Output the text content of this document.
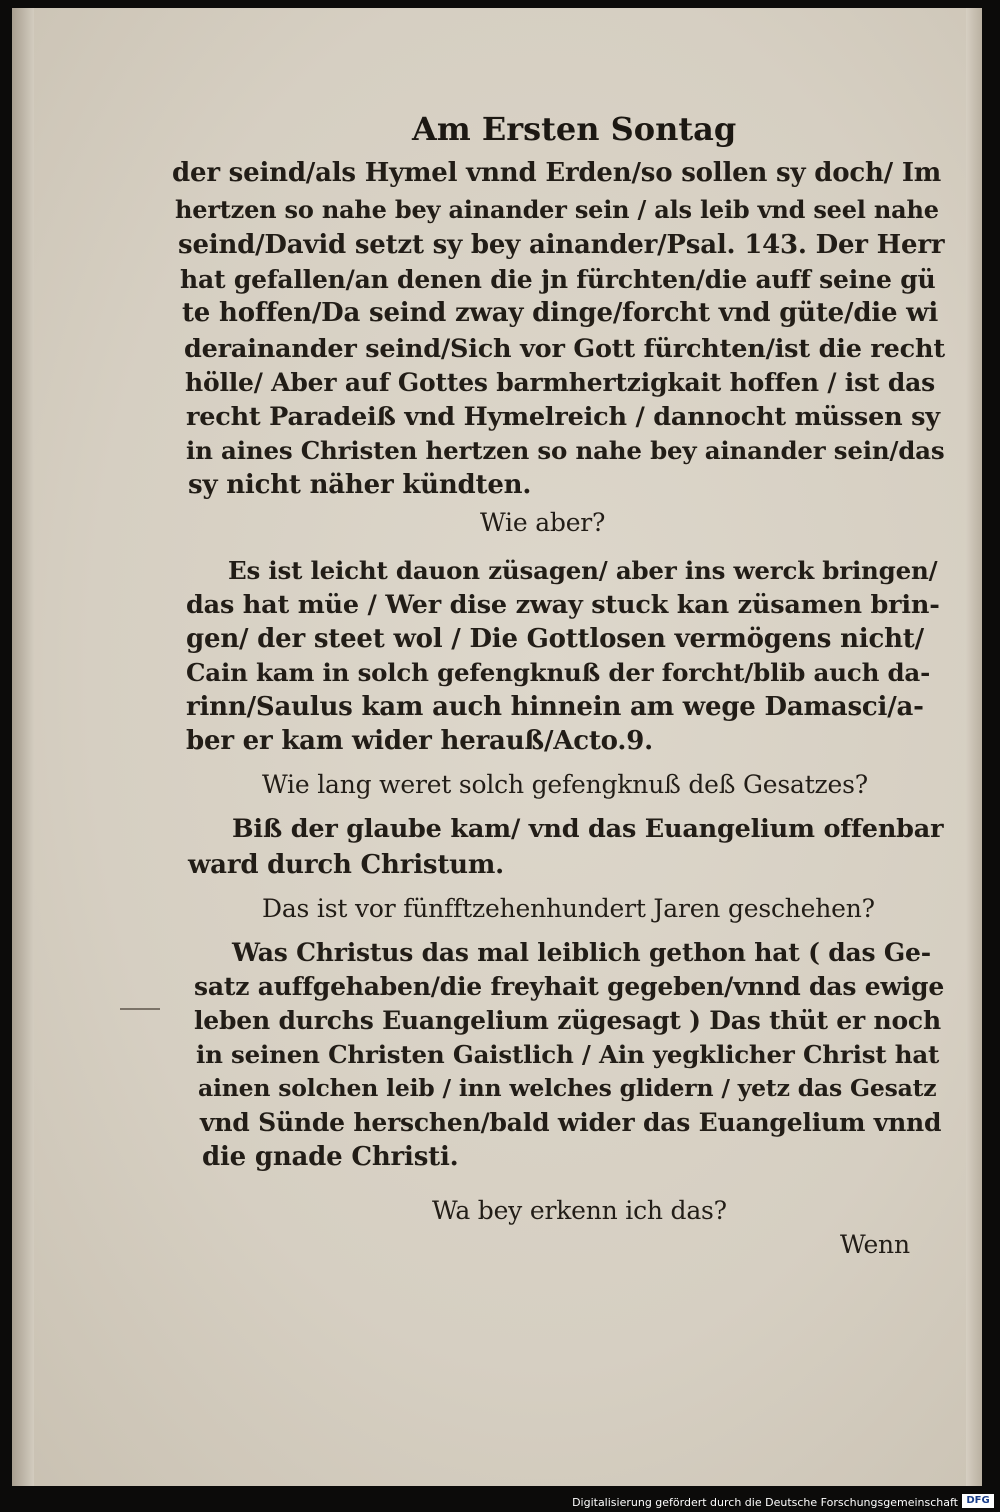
Am Ersten Sontag

der seind/als Hymel vnnd Erden/so sollen sy doch/ Im

hertzen so nahe bey ainander sein / als leib vnd seel nahe

seind/David setzt sy bey ainander/Psal. 143. Der Herr

hat gefallen/an denen die jn fürchten/die auff seine gü

te hoffen/Da seind zway dinge/forcht vnd güte/die wi

derainander seind/Sich vor Gott fürchten/ist die recht

hölle/ Aber auf Gottes barmhertzigkait hoffen / ist das

recht Paradeiß vnd Hymelreich / dannocht müssen sy

in aines Christen hertzen so nahe bey ainander sein/das

sy nicht näher kündten.

Wie aber?

Es ist leicht dauon züsagen/ aber ins werck bringen/

das hat müe / Wer dise zway stuck kan züsamen brin-

gen/ der steet wol / Die Gottlosen vermögens nicht/

Cain kam in solch gefengknuß der forcht/blib auch da-

rinn/Saulus kam auch hinnein am wege Damasci/a-

ber er kam wider herauß/Acto.9.

Wie lang weret solch gefengknuß deß Gesatzes?

Biß der glaube kam/ vnd das Euangelium offenbar

ward durch Christum.

Das ist vor fünfftzehenhundert Jaren geschehen?

Was Christus das mal leiblich gethon hat ( das Ge-

satz auffgehaben/die freyhait gegeben/vnnd das ewige

leben durchs Euangelium zügesagt ) Das thüt er noch

in seinen Christen Gaistlich / Ain yegklicher Christ hat

ainen solchen leib / inn welches glidern / yetz das Gesatz

vnd Sünde herschen/bald wider das Euangelium vnnd

die gnade Christi.

Wa bey erkenn ich das?

Wenn

Digitalisierung gefördert durch die Deutsche Forschungsgemeinschaft DFG
